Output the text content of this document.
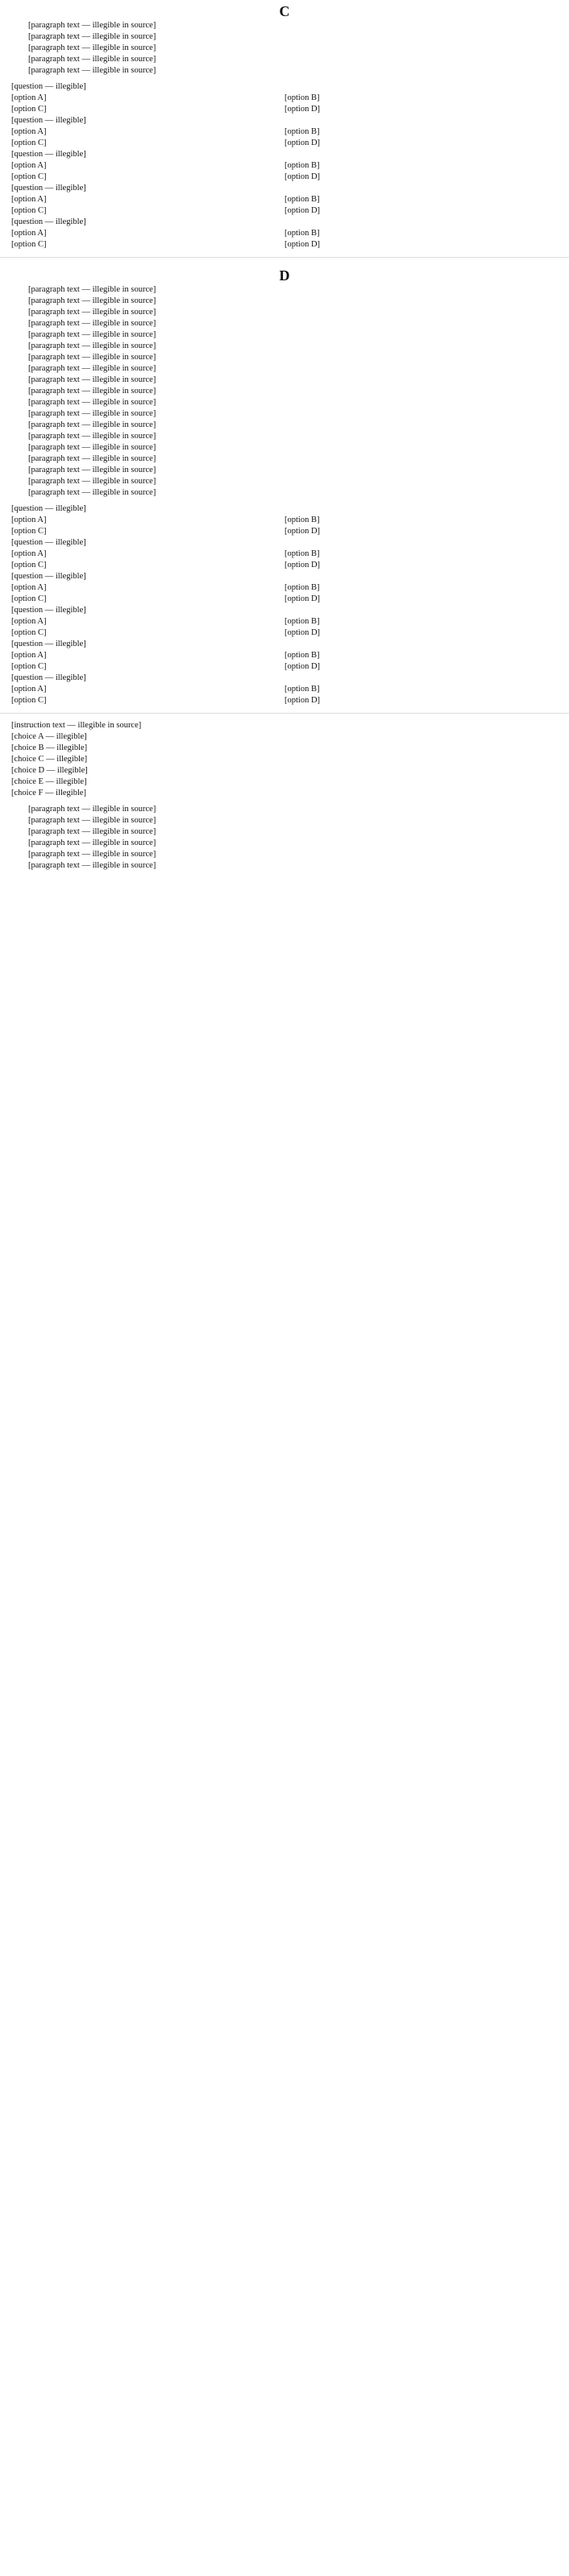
C

[paragraph text — illegible in source]

[paragraph text — illegible in source]

[paragraph text — illegible in source]

[paragraph text — illegible in source]

[paragraph text — illegible in source]

[question — illegible]
[option A]	[option B]
[option C]	[option D]
[question — illegible]
[option A]	[option B]
[option C]	[option D]
[question — illegible]
[option A]	[option B]
[option C]	[option D]
[question — illegible]
[option A]	[option B]
[option C]	[option D]
[question — illegible]
[option A]	[option B]
[option C]	[option D]
D

[paragraph text — illegible in source]

[paragraph text — illegible in source]

[paragraph text — illegible in source]

[paragraph text — illegible in source]

[paragraph text — illegible in source]

[paragraph text — illegible in source]

[paragraph text — illegible in source]

[paragraph text — illegible in source]

[paragraph text — illegible in source]

[paragraph text — illegible in source]

[paragraph text — illegible in source]

[paragraph text — illegible in source]

[paragraph text — illegible in source]

[paragraph text — illegible in source]

[paragraph text — illegible in source]

[paragraph text — illegible in source]

[paragraph text — illegible in source]

[paragraph text — illegible in source]

[paragraph text — illegible in source]

[question — illegible]
[option A]	[option B]
[option C]	[option D]
[question — illegible]
[option A]	[option B]
[option C]	[option D]
[question — illegible]
[option A]	[option B]
[option C]	[option D]
[question — illegible]
[option A]	[option B]
[option C]	[option D]
[question — illegible]
[option A]	[option B]
[option C]	[option D]
[question — illegible]
[option A]	[option B]
[option C]	[option D]
[instruction text — illegible in source]
[choice A — illegible]
[choice B — illegible]
[choice C — illegible]
[choice D — illegible]
[choice E — illegible]
[choice F — illegible]

[paragraph text — illegible in source]

[paragraph text — illegible in source]

[paragraph text — illegible in source]

[paragraph text — illegible in source]

[paragraph text — illegible in source]

[paragraph text — illegible in source]
